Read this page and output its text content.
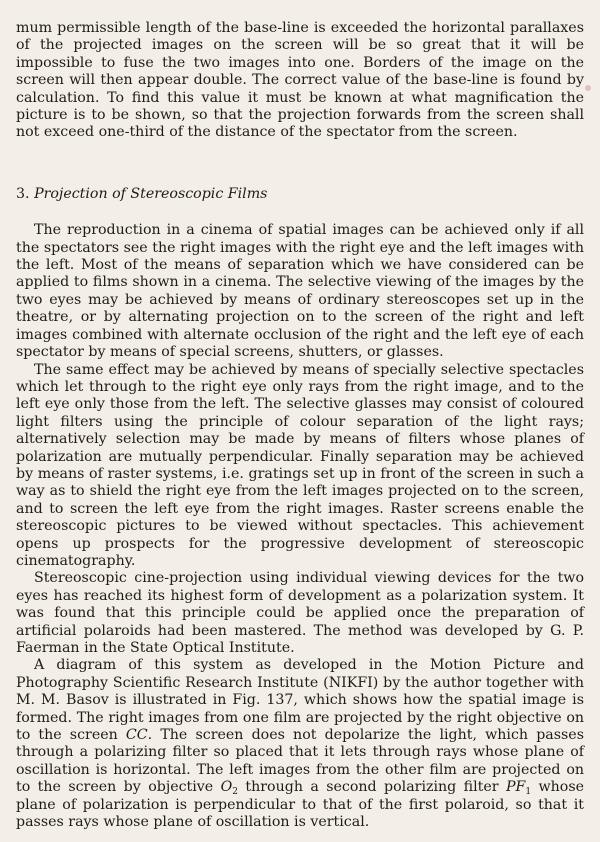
mum permissible length of the base-line is exceeded the horizontal parallaxes of the projected images on the screen will be so great that it will be impossible to fuse the two images into one. Borders of the image on the screen will then appear double. The correct value of the base-line is found by calculation. To find this value it must be known at what magnification the picture is to be shown, so that the projection forwards from the screen shall not exceed one-third of the distance of the spectator from the screen.

3. Projection of Stereoscopic Films

The reproduction in a cinema of spatial images can be achieved only if all the spectators see the right images with the right eye and the left images with the left. Most of the means of separation which we have considered can be applied to films shown in a cinema. The selective viewing of the images by the two eyes may be achieved by means of ordinary stereoscopes set up in the theatre, or by alternating projection on to the screen of the right and left images combined with alternate occlusion of the right and the left eye of each spectator by means of special screens, shutters, or glasses.

The same effect may be achieved by means of specially selective spectacles which let through to the right eye only rays from the right image, and to the left eye only those from the left. The selective glasses may consist of coloured light filters using the principle of colour separation of the light rays; alternatively selection may be made by means of filters whose planes of polarization are mutually perpendicular. Finally separation may be achieved by means of raster systems, i.e. gratings set up in front of the screen in such a way as to shield the right eye from the left images projected on to the screen, and to screen the left eye from the right images. Raster screens enable the stereoscopic pictures to be viewed without spectacles. This achievement opens up prospects for the progressive development of stereoscopic cinematography.

Stereoscopic cine-projection using individual viewing devices for the two eyes has reached its highest form of development as a polarization system. It was found that this principle could be applied once the preparation of artificial polaroids had been mastered. The method was developed by G. P. Faerman in the State Optical Institute.

A diagram of this system as developed in the Motion Picture and Photography Scientific Research Institute (NIKFI) by the author together with M. M. Basov is illustrated in Fig. 137, which shows how the spatial image is formed. The right images from one film are projected by the right objective on to the screen CC. The screen does not depolarize the light, which passes through a polarizing filter so placed that it lets through rays whose plane of oscillation is horizontal. The left images from the other film are projected on to the screen by objective $O_2$ through a second polarizing filter $PF_1$ whose plane of polarization is perpendicular to that of the first polaroid, so that it passes rays whose plane of oscillation is vertical.
